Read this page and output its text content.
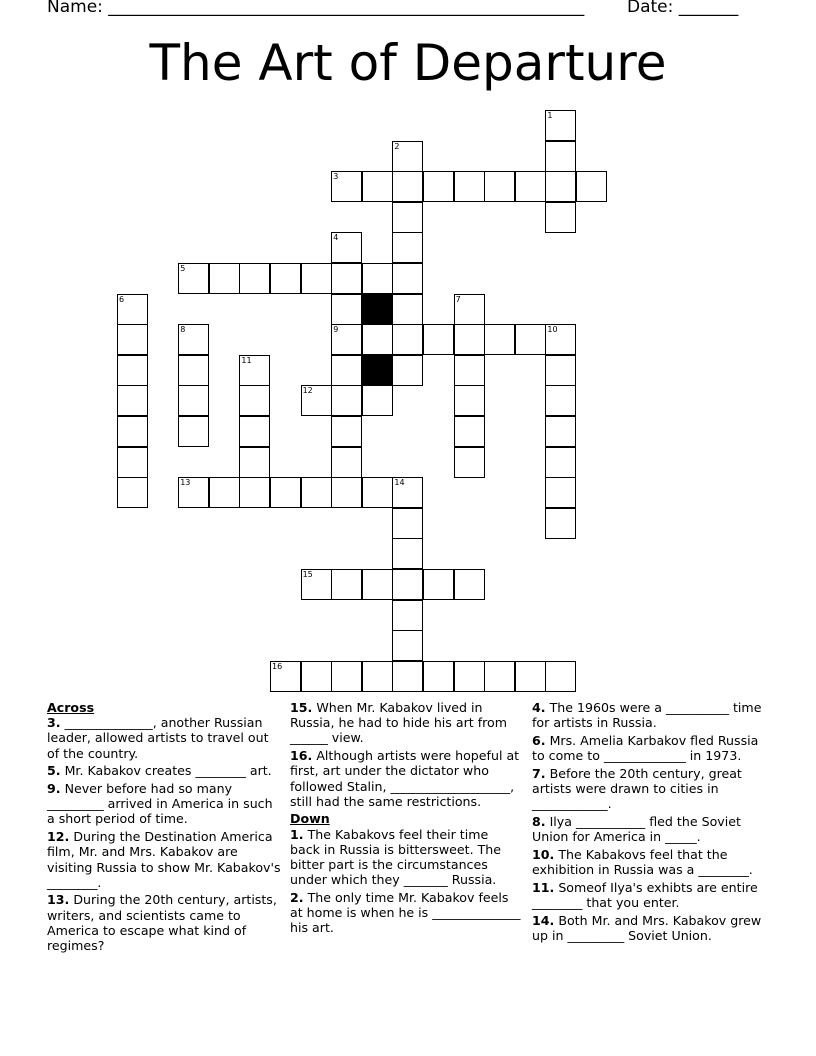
Name: ________________________________________________________	Date: _______
The Art of Departure
1
2
3
4
5
6	7
8	9	10
11
12
13	14
15
16
Across
3. ______________, another Russian leader, allowed artists to travel out of the country.
5. Mr. Kabakov creates ________ art.
9. Never before had so many _________ arrived in America in such a short period of time.
12. During the Destination America film, Mr. and Mrs. Kabakov are visiting Russia to show Mr. Kabakov's ________.
13. During the 20th century, artists, writers, and scientists came to America to escape what kind of regimes?
15. When Mr. Kabakov lived in Russia, he had to hide his art from ______ view.
16. Although artists were hopeful at first, art under the dictator who followed Stalin, ___________________, still had the same restrictions.
Down
1. The Kabakovs feel their time back in Russia is bittersweet. The bitter part is the circumstances under which they _______ Russia.
2. The only time Mr. Kabakov feels at home is when he is ______________ his art.
4. The 1960s were a __________ time for artists in Russia.
6. Mrs. Amelia Karbakov fled Russia to come to _____________ in 1973.
7. Before the 20th century, great artists were drawn to cities in ____________.
8. Ilya ___________ fled the Soviet Union for America in _____.
10. The Kabakovs feel that the exhibition in Russia was a ________.
11. Someof Ilya's exhibts are entire ________ that you enter.
14. Both Mr. and Mrs. Kabakov grew up in _________ Soviet Union.
